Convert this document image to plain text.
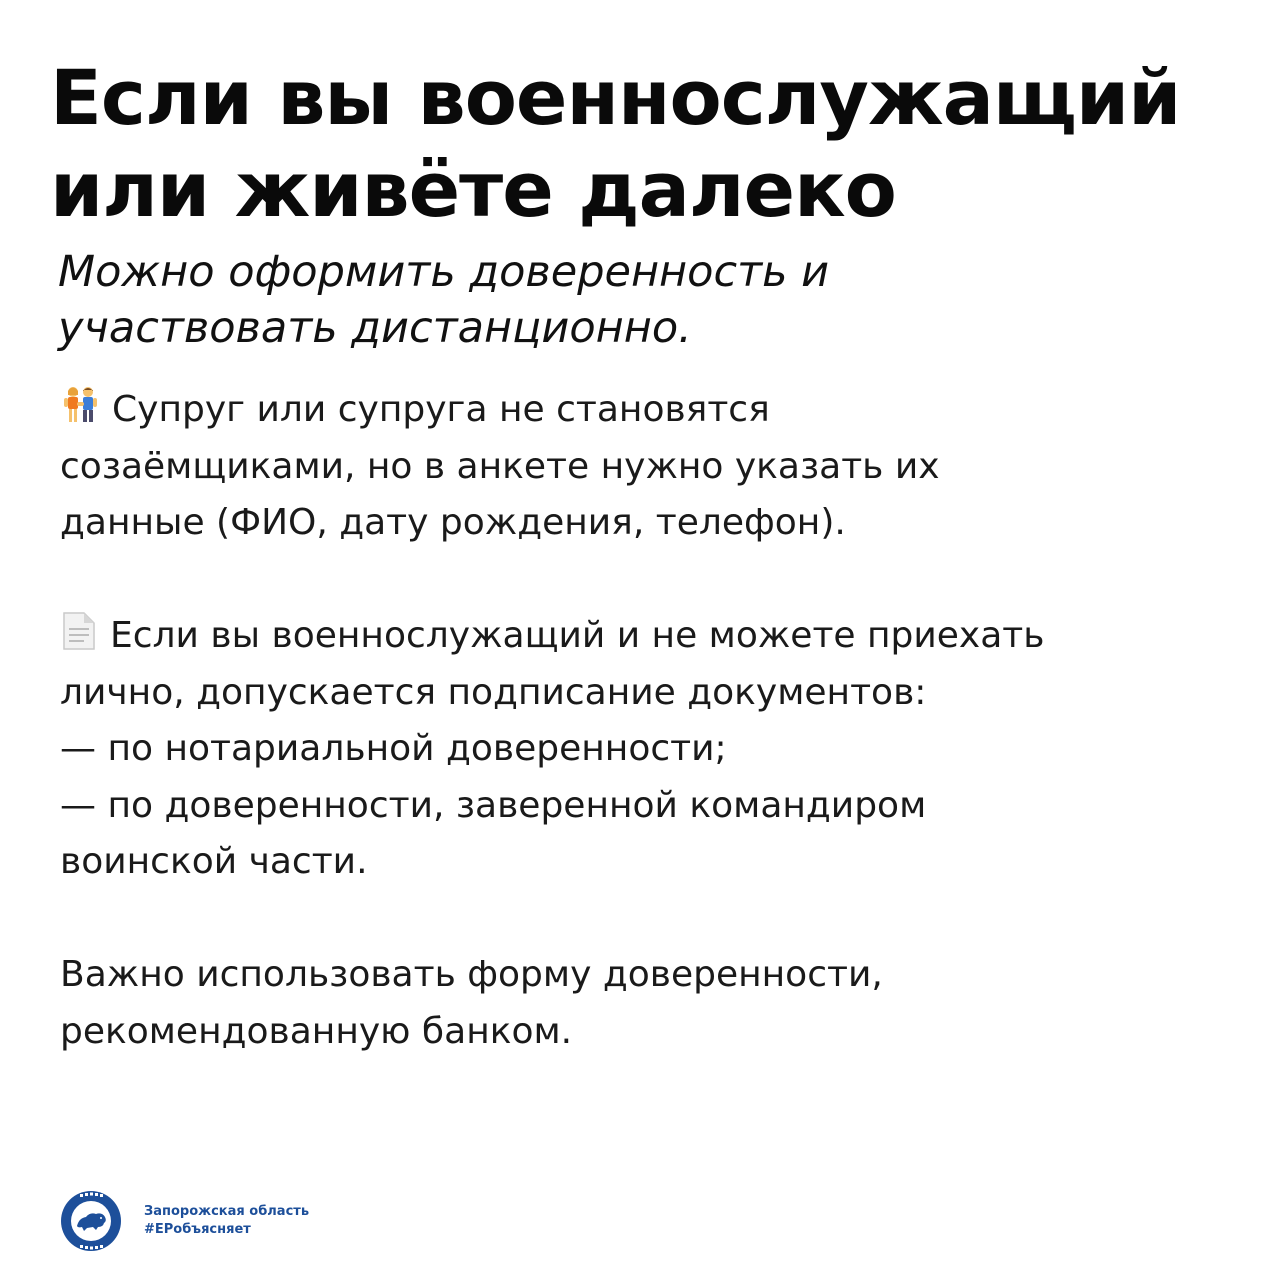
Если вы военнослужащий
или живёте далеко
Можно оформить доверенность и
участвовать дистанционно.

Супруг или супруга не становятся
созаёмщиками, но в анкете нужно указать их
данные (ФИО, дату рождения, телефон).

Если вы военнослужащий и не можете приехать
лично, допускается подписание документов:
— по нотариальной доверенности;
— по доверенности, заверенной командиром
воинской части.

Важно использовать форму доверенности,
рекомендованную банком.

Запорожская область
#ЕРобъясняет
